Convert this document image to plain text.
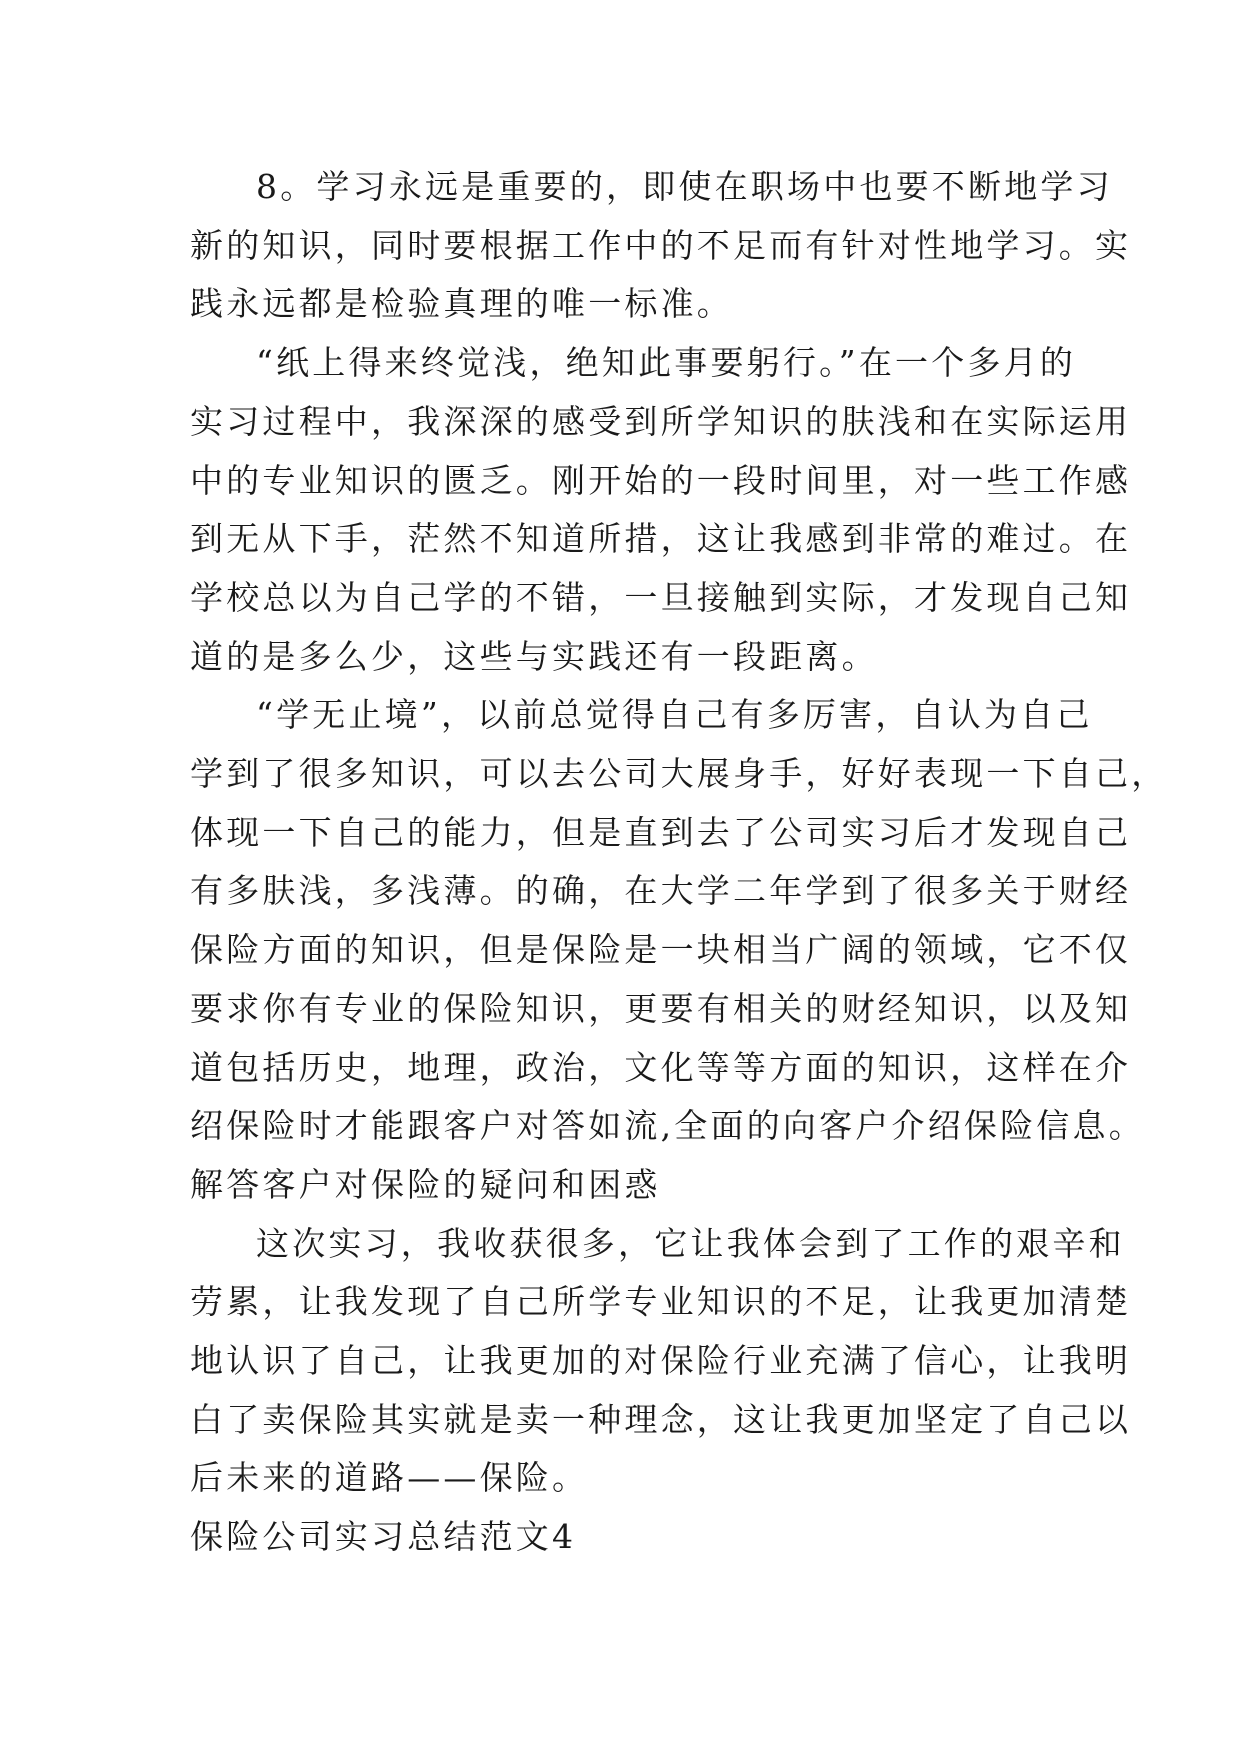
8。学习永远是重要的，即使在职场中也要不断地学习
新的知识，同时要根据工作中的不足而有针对性地学习。实
践永远都是检验真理的唯一标准。

“纸上得来终觉浅，绝知此事要躬行。”在一个多月的
实习过程中，我深深的感受到所学知识的肤浅和在实际运用
中的专业知识的匮乏。刚开始的一段时间里，对一些工作感
到无从下手，茫然不知道所措，这让我感到非常的难过。在
学校总以为自己学的不错，一旦接触到实际，才发现自己知
道的是多么少，这些与实践还有一段距离。

“学无止境”，以前总觉得自己有多厉害，自认为自己
学到了很多知识，可以去公司大展身手，好好表现一下自己，
体现一下自己的能力，但是直到去了公司实习后才发现自己
有多肤浅，多浅薄。的确，在大学二年学到了很多关于财经
保险方面的知识，但是保险是一块相当广阔的领域，它不仅
要求你有专业的保险知识，更要有相关的财经知识，以及知
道包括历史，地理，政治，文化等等方面的知识，这样在介
绍保险时才能跟客户对答如流,全面的向客户介绍保险信息。
解答客户对保险的疑问和困惑

这次实习，我收获很多，它让我体会到了工作的艰辛和
劳累，让我发现了自己所学专业知识的不足，让我更加清楚
地认识了自己，让我更加的对保险行业充满了信心，让我明
白了卖保险其实就是卖一种理念，这让我更加坚定了自己以
后未来的道路——保险。

保险公司实习总结范文4
